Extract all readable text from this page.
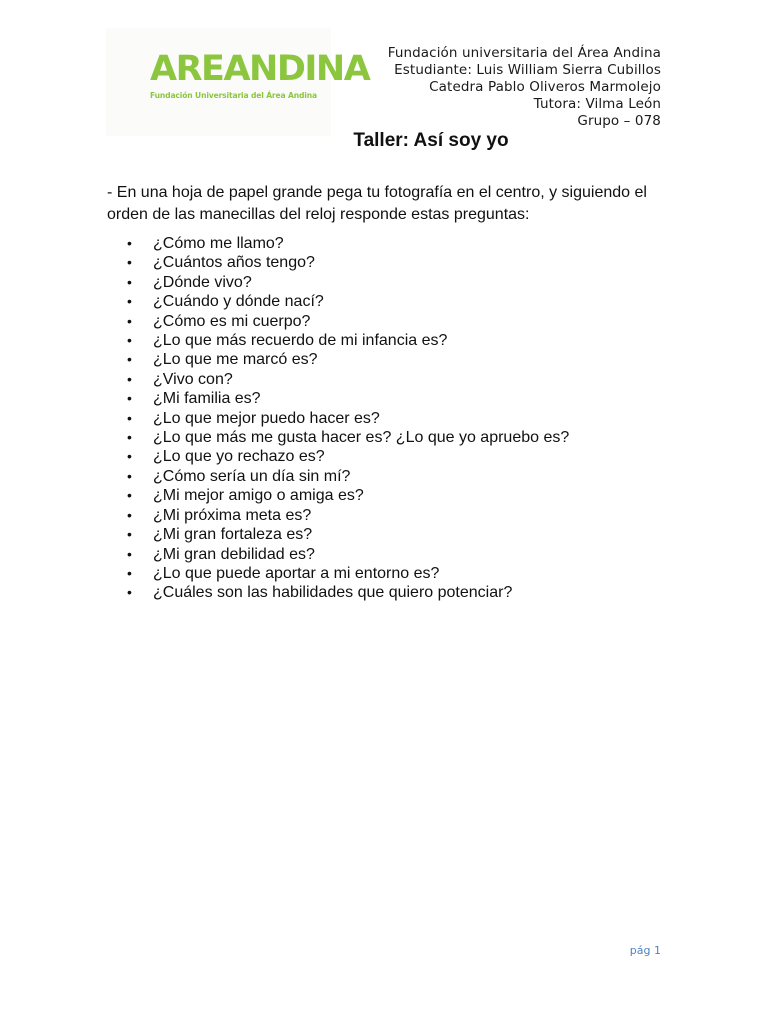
AREANDINA
Fundación Universitaria del Área Andina
Fundación universitaria del Área Andina
Estudiante: Luis William Sierra Cubillos
Catedra Pablo Oliveros Marmolejo
Tutora: Vilma León
Grupo – 078
Taller: Así soy yo
- En una hoja de papel grande pega tu fotografía en el centro, y siguiendo el orden de las manecillas del reloj responde estas preguntas:
• ¿Cómo me llamo?
• ¿Cuántos años tengo?
• ¿Dónde vivo?
• ¿Cuándo y dónde nací?
• ¿Cómo es mi cuerpo?
• ¿Lo que más recuerdo de mi infancia es?
• ¿Lo que me marcó es?
• ¿Vivo con?
• ¿Mi familia es?
• ¿Lo que mejor puedo hacer es?
• ¿Lo que más me gusta hacer es? ¿Lo que yo apruebo es?
• ¿Lo que yo rechazo es?
• ¿Cómo sería un día sin mí?
• ¿Mi mejor amigo o amiga es?
• ¿Mi próxima meta es?
• ¿Mi gran fortaleza es?
• ¿Mi gran debilidad es?
• ¿Lo que puede aportar a mi entorno es?
• ¿Cuáles son las habilidades que quiero potenciar?
pág 1
